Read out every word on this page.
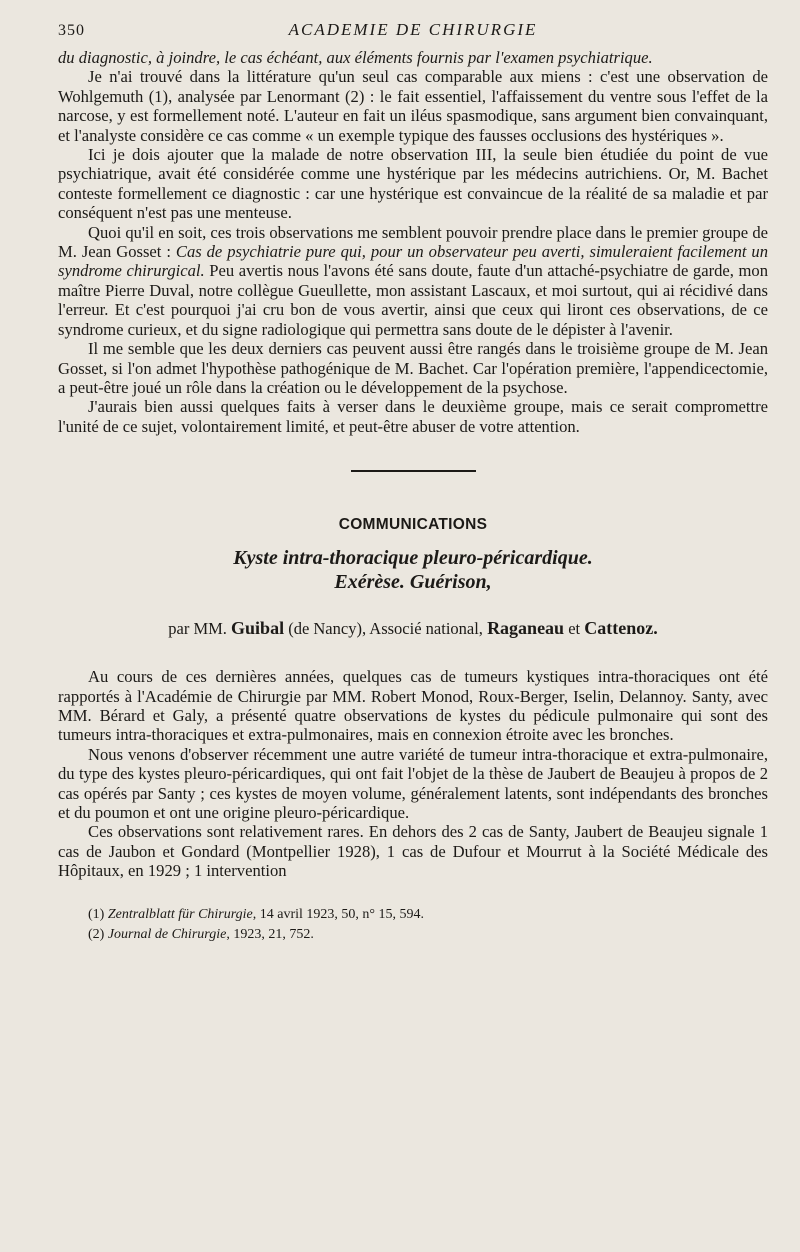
350	ACADEMIE DE CHIRURGIE

du diagnostic, à joindre, le cas échéant, aux éléments fournis par l'examen psychiatrique.

Je n'ai trouvé dans la littérature qu'un seul cas comparable aux miens : c'est une observation de Wohlgemuth (1), analysée par Lenormant (2) : le fait essentiel, l'affaissement du ventre sous l'effet de la narcose, y est formellement noté. L'auteur en fait un iléus spasmodique, sans argument bien convainquant, et l'analyste considère ce cas comme « un exemple typique des fausses occlusions des hystériques ».

Ici je dois ajouter que la malade de notre observation III, la seule bien étudiée du point de vue psychiatrique, avait été considérée comme une hystérique par les médecins autrichiens. Or, M. Bachet conteste formellement ce diagnostic : car une hystérique est convaincue de la réalité de sa maladie et par conséquent n'est pas une menteuse.

Quoi qu'il en soit, ces trois observations me semblent pouvoir prendre place dans le premier groupe de M. Jean Gosset : Cas de psychiatrie pure qui, pour un observateur peu averti, simuleraient facilement un syndrome chirurgical. Peu avertis nous l'avons été sans doute, faute d'un attaché-psychiatre de garde, mon maître Pierre Duval, notre collègue Gueullette, mon assistant Lascaux, et moi surtout, qui ai récidivé dans l'erreur. Et c'est pourquoi j'ai cru bon de vous avertir, ainsi que ceux qui liront ces observations, de ce syndrome curieux, et du signe radiologique qui permettra sans doute de le dépister à l'avenir.

Il me semble que les deux derniers cas peuvent aussi être rangés dans le troisième groupe de M. Jean Gosset, si l'on admet l'hypothèse pathogénique de M. Bachet. Car l'opération première, l'appendicectomie, a peut-être joué un rôle dans la création ou le développement de la psychose.

J'aurais bien aussi quelques faits à verser dans le deuxième groupe, mais ce serait compromettre l'unité de ce sujet, volontairement limité, et peut-être abuser de votre attention.

COMMUNICATIONS
Kyste intra-thoracique pleuro-péricardique.
Exérèse. Guérison,
par MM. Guibal (de Nancy), Associé national, Raganeau et Cattenoz.

Au cours de ces dernières années, quelques cas de tumeurs kystiques intra-thoraciques ont été rapportés à l'Académie de Chirurgie par MM. Robert Monod, Roux-Berger, Iselin, Delannoy. Santy, avec MM. Bérard et Galy, a présenté quatre observations de kystes du pédicule pulmonaire qui sont des tumeurs intra-thoraciques et extra-pulmonaires, mais en connexion étroite avec les bronches.

Nous venons d'observer récemment une autre variété de tumeur intra-thoracique et extra-pulmonaire, du type des kystes pleuro-péricardiques, qui ont fait l'objet de la thèse de Jaubert de Beaujeu à propos de 2 cas opérés par Santy ; ces kystes de moyen volume, généralement latents, sont indépendants des bronches et du poumon et ont une origine pleuro-péricardique.

Ces observations sont relativement rares. En dehors des 2 cas de Santy, Jaubert de Beaujeu signale 1 cas de Jaubon et Gondard (Montpellier 1928), 1 cas de Dufour et Mourrut à la Société Médicale des Hôpitaux, en 1929 ; 1 intervention

(1) Zentralblatt für Chirurgie, 14 avril 1923, 50, n° 15, 594.

(2) Journal de Chirurgie, 1923, 21, 752.
